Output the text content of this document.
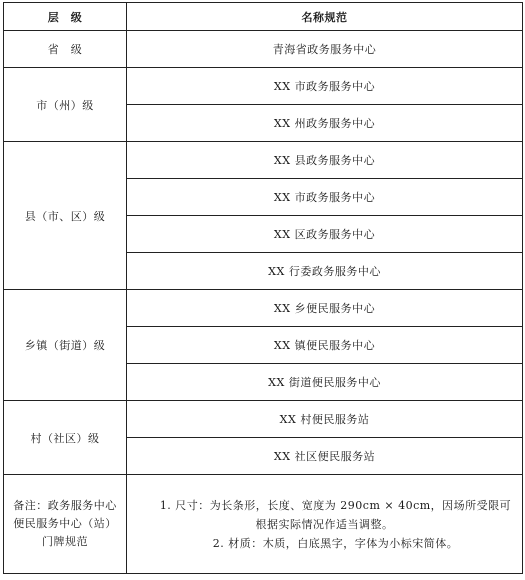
层　级	名称规范
省　级	青海省政务服务中心
市（州）级	XX 市政务服务中心
	XX 州政务服务中心
县（市、区）级	XX 县政务服务中心
	XX 市政务服务中心
	XX 区政务服务中心
	XX 行委政务服务中心
乡镇（街道）级	XX 乡便民服务中心
	XX 镇便民服务中心
	XX 街道便民服务中心
村（社区）级	XX 村便民服务站
	XX 社区便民服务站

备注：政务服务中心
便民服务中心（站）
门牌规范	1. 尺寸：为长条形，长度、宽度为 290cm × 40cm，因场所受限可
根据实际情况作适当调整。
2. 材质：木质，白底黑字，字体为小标宋简体。
